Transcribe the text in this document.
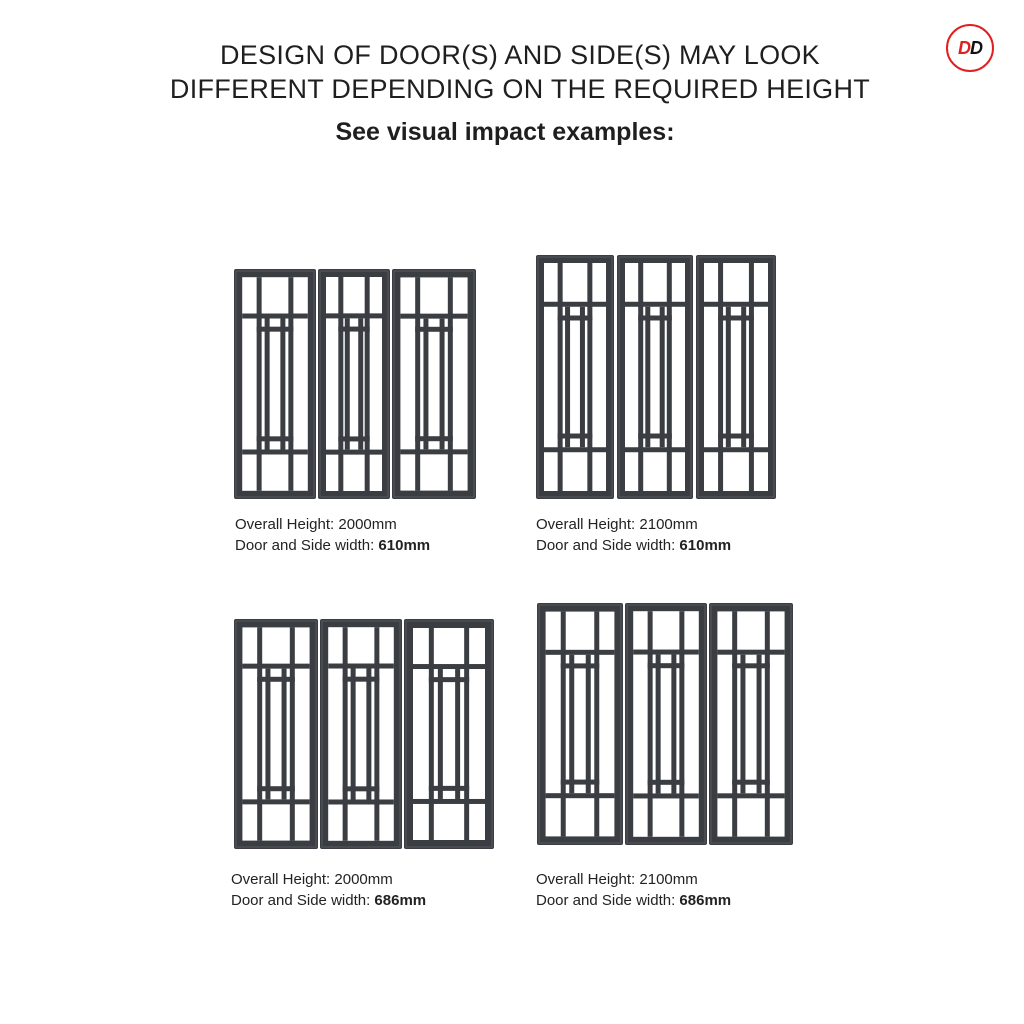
DESIGN OF DOOR(S) AND SIDE(S) MAY LOOK
DIFFERENT DEPENDING ON THE REQUIRED HEIGHT
See visual impact examples:
D D
Overall Height: 2000mm
Door and Side width: 610mm
Overall Height: 2100mm
Door and Side width: 610mm
Overall Height: 2000mm
Door and Side width: 686mm
Overall Height: 2100mm
Door and Side width: 686mm
